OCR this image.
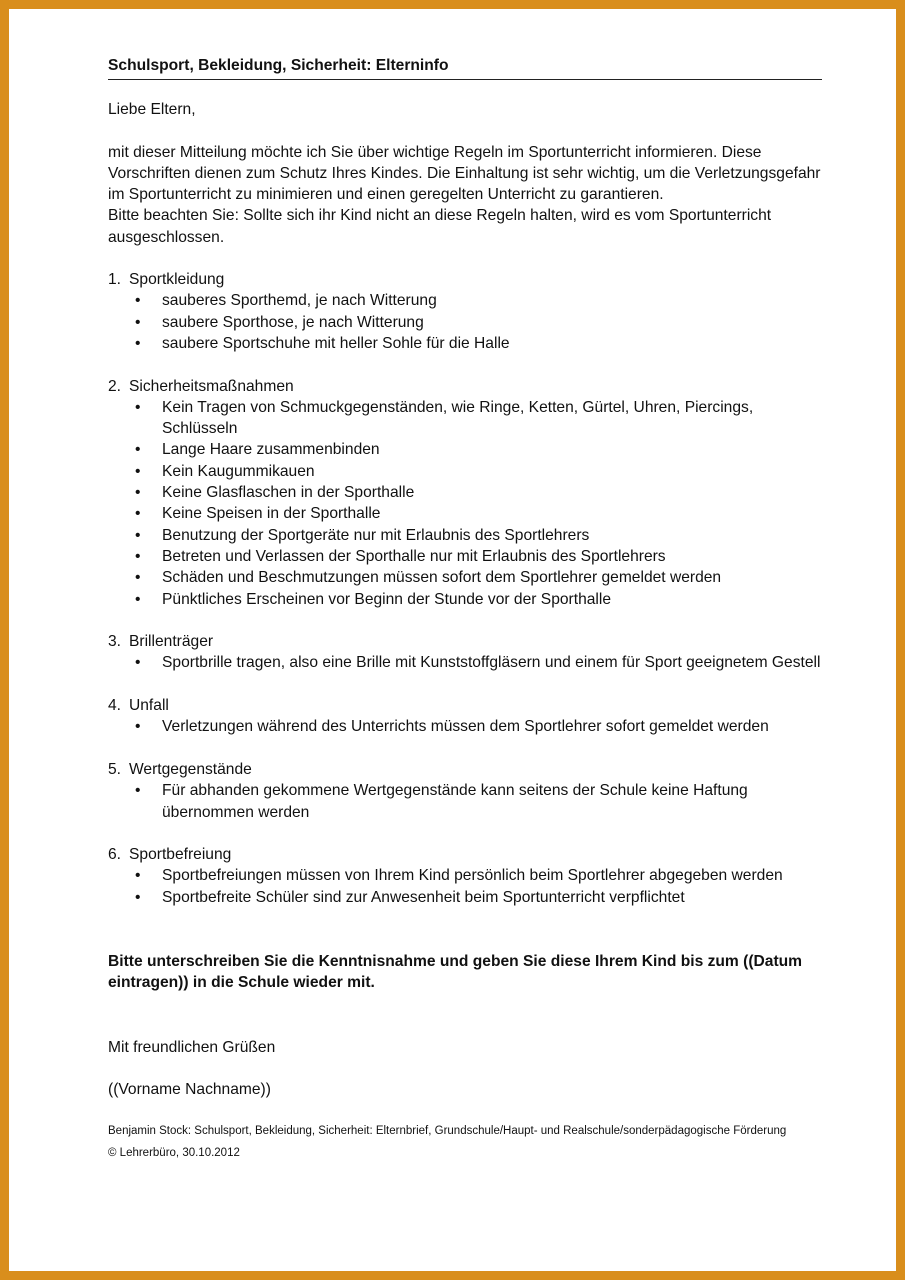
Schulsport, Bekleidung, Sicherheit: Elterninfo
Liebe Eltern,

mit dieser Mitteilung möchte ich Sie über wichtige Regeln im Sportunterricht informieren. Diese Vorschriften dienen zum Schutz Ihres Kindes. Die Einhaltung ist sehr wichtig, um die Verletzungsgefahr im Sportunterricht zu minimieren und einen geregelten Unterricht zu garantieren.

Bitte beachten Sie: Sollte sich ihr Kind nicht an diese Regeln halten, wird es vom Sportunterricht ausgeschlossen.

1. Sportkleidung
• sauberes Sporthemd, je nach Witterung
• saubere Sporthose, je nach Witterung
• saubere Sportschuhe mit heller Sohle für die Halle
2. Sicherheitsmaßnahmen
• Kein Tragen von Schmuckgegenständen, wie Ringe, Ketten, Gürtel, Uhren, Piercings, Schlüsseln
• Lange Haare zusammenbinden
• Kein Kaugummikauen
• Keine Glasflaschen in der Sporthalle
• Keine Speisen in der Sporthalle
• Benutzung der Sportgeräte nur mit Erlaubnis des Sportlehrers
• Betreten und Verlassen der Sporthalle nur mit Erlaubnis des Sportlehrers
• Schäden und Beschmutzungen müssen sofort dem Sportlehrer gemeldet werden
• Pünktliches Erscheinen vor Beginn der Stunde vor der Sporthalle
3. Brillenträger
• Sportbrille tragen, also eine Brille mit Kunststoffgläsern und einem für Sport geeignetem Gestell
4. Unfall
• Verletzungen während des Unterrichts müssen dem Sportlehrer sofort gemeldet werden
5. Wertgegenstände
• Für abhanden gekommene Wertgegenstände kann seitens der Schule keine Haftung übernommen werden
6. Sportbefreiung
• Sportbefreiungen müssen von Ihrem Kind persönlich beim Sportlehrer abgegeben werden
• Sportbefreite Schüler sind zur Anwesenheit beim Sportunterricht verpflichtet
Bitte unterschreiben Sie die Kenntnisnahme und geben Sie diese Ihrem Kind bis zum ((Datum eintragen)) in die Schule wieder mit.
Mit freundlichen Grüßen
((Vorname Nachname))

Benjamin Stock: Schulsport, Bekleidung, Sicherheit: Elternbrief, Grundschule/Haupt- und Realschule/sonderpädagogische Förderung

© Lehrerbüro, 30.10.2012
